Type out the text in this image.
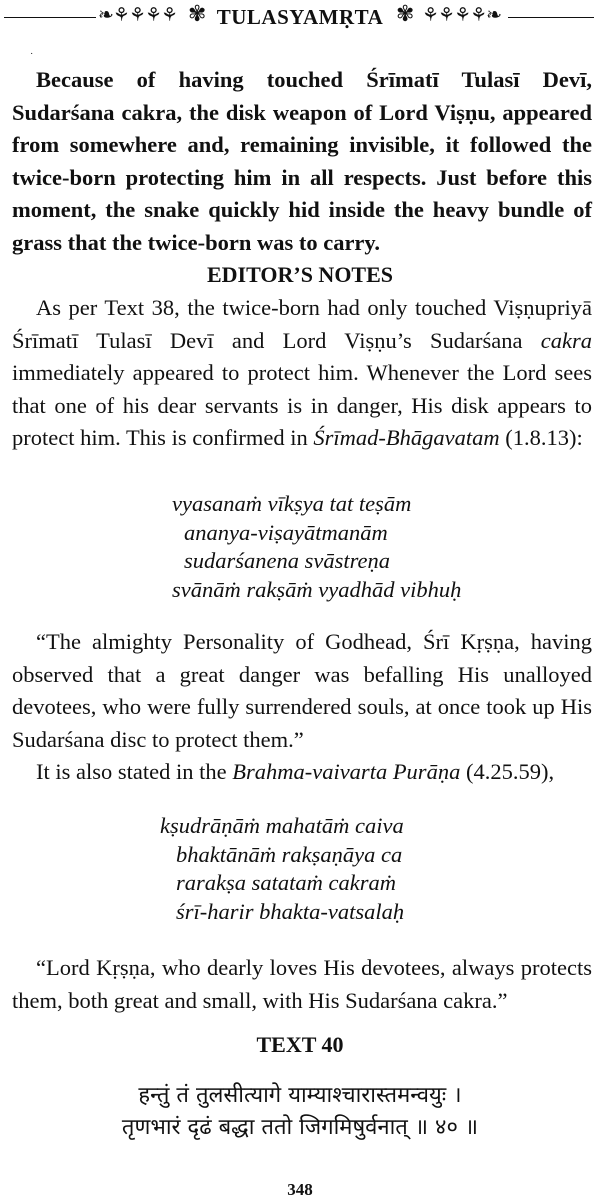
❧⚘⚘⚘⚘ ✾ TULASYAMṚTA ✾ ⚘⚘⚘⚘❧
˙

Because of having touched Śrīmatī Tulasī Devī, Sudarśana cakra, the disk weapon of Lord Viṣṇu, appeared from somewhere and, remaining invisible, it followed the twice-born protecting him in all respects. Just before this moment, the snake quickly hid inside the heavy bundle of grass that the twice-born was to carry.

EDITOR’S NOTES

As per Text 38, the twice-born had only touched Viṣṇupriyā Śrīmatī Tulasī Devī and Lord Viṣṇu’s Sudarśana cakra immediately appeared to protect him. Whenever the Lord sees that one of his dear servants is in danger, His disk appears to protect him. This is confirmed in Śrīmad-Bhāgavatam (1.8.13):

vyasanaṁ vīkṣya tat teṣām
ananya-viṣayātmanām
sudarśanena svāstreṇa
svānāṁ rakṣāṁ vyadhād vibhuḥ

“The almighty Personality of Godhead, Śrī Kṛṣṇa, having observed that a great danger was befalling His unalloyed devotees, who were fully surrendered souls, at once took up His Sudarśana disc to protect them.”

It is also stated in the Brahma-vaivarta Purāṇa (4.25.59),

kṣudrāṇāṁ mahatāṁ caiva
bhaktānāṁ rakṣaṇāya ca
rarakṣa satataṁ cakraṁ
śrī-harir bhakta-vatsalaḥ

“Lord Kṛṣṇa, who dearly loves His devotees, always protects them, both great and small, with His Sudarśana cakra.”

TEXT 40
हन्तुं तं तुलसीत्यागे याम्याश्चारास्तमन्वयुः ।
तृणभारं दृढं बद्धा ततो जिगमिषुर्वनात् ॥ ४० ॥
348
